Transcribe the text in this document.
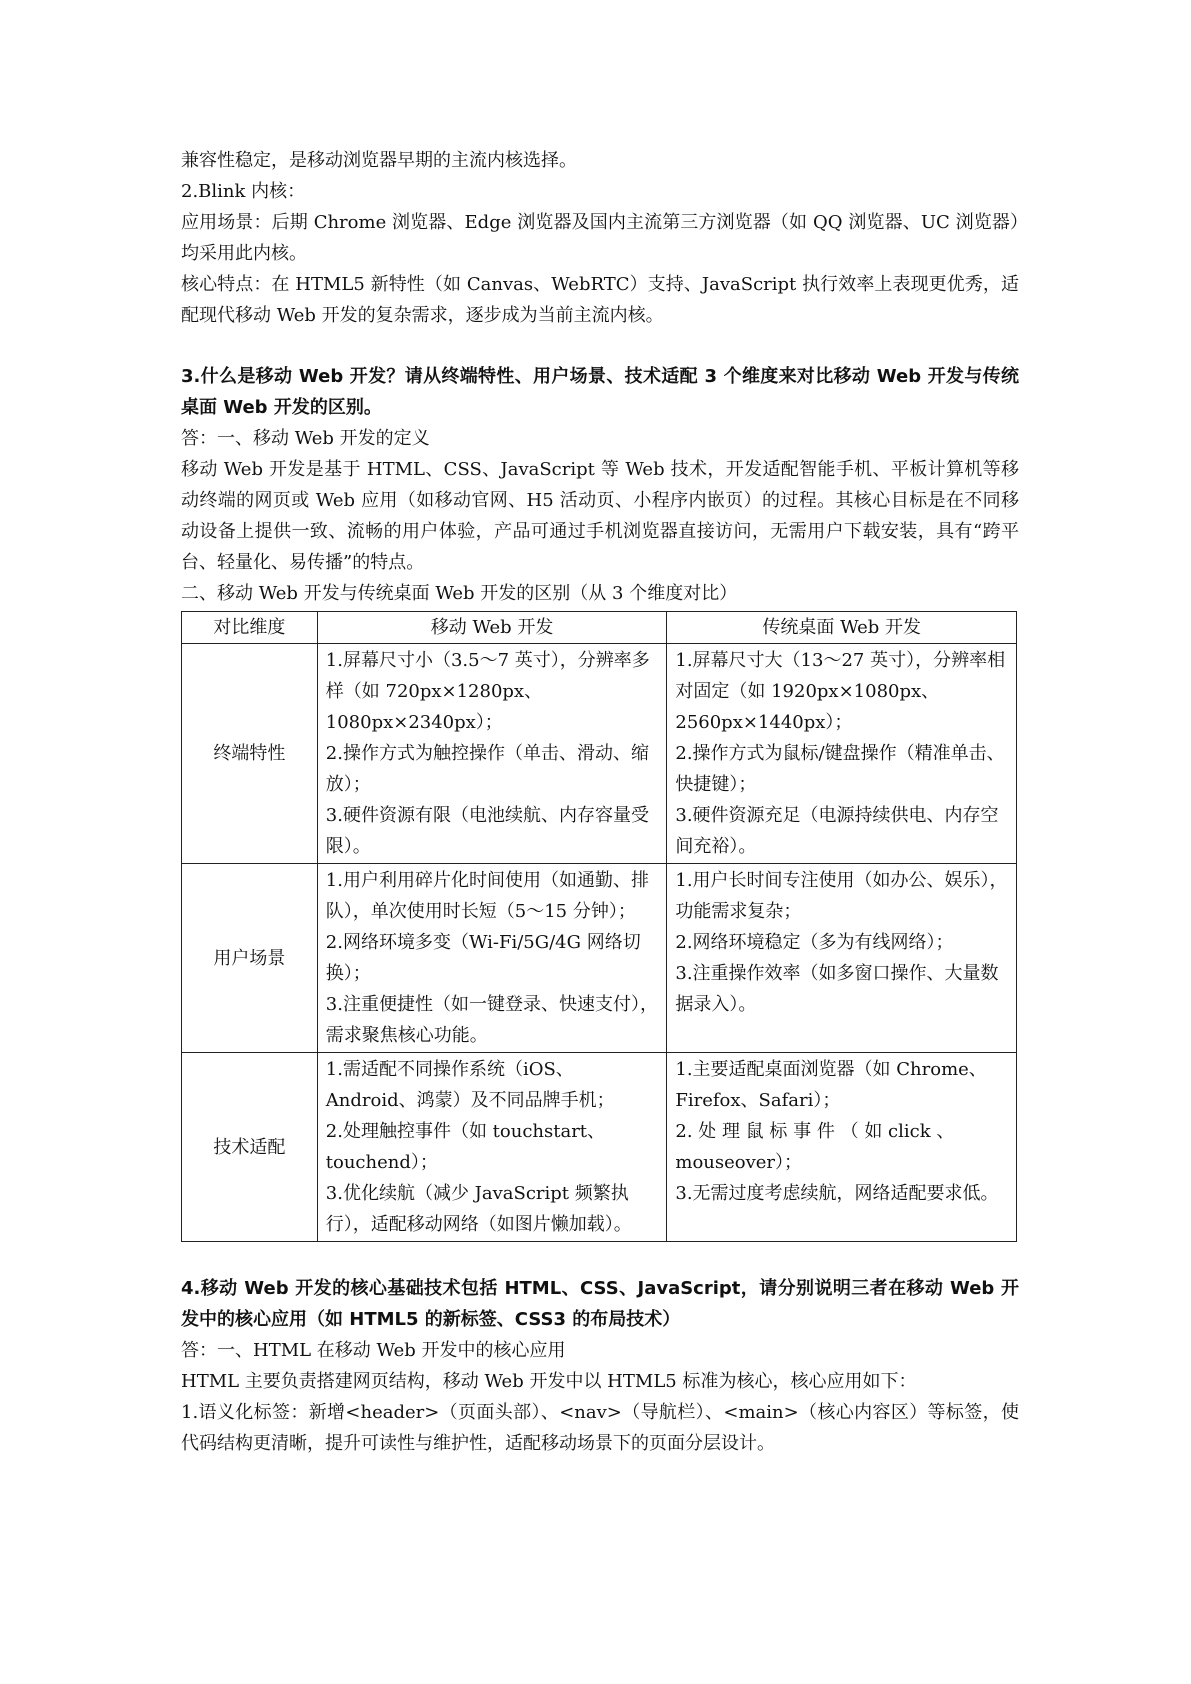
兼容性稳定，是移动浏览器早期的主流内核选择。

2.Blink 内核：

应用场景：后期 Chrome 浏览器、Edge 浏览器及国内主流第三方浏览器（如 QQ 浏览器、UC 浏览器）均采用此内核。

核心特点：在 HTML5 新特性（如 Canvas、WebRTC）支持、JavaScript 执行效率上表现更优秀，适配现代移动 Web 开发的复杂需求，逐步成为当前主流内核。

3.什么是移动 Web 开发？请从终端特性、用户场景、技术适配 3 个维度来对比移动 Web 开发与传统桌面 Web 开发的区别。

答：一、移动 Web 开发的定义

移动 Web 开发是基于 HTML、CSS、JavaScript 等 Web 技术，开发适配智能手机、平板计算机等移动终端的网页或 Web 应用（如移动官网、H5 活动页、小程序内嵌页）的过程。其核心目标是在不同移动设备上提供一致、流畅的用户体验，产品可通过手机浏览器直接访问，无需用户下载安装，具有“跨平台、轻量化、易传播”的特点。

二、移动 Web 开发与传统桌面 Web 开发的区别（从 3 个维度对比）

对比维度	移动 Web 开发	传统桌面 Web 开发
终端特性	1.屏幕尺寸小（3.5～7 英寸），分辨率多样（如 720px×1280px、1080px×2340px）；
2.操作方式为触控操作（单击、滑动、缩放）；
3.硬件资源有限（电池续航、内存容量受限）。	1.屏幕尺寸大（13～27 英寸），分辨率相对固定（如 1920px×1080px、2560px×1440px）；
2.操作方式为鼠标/键盘操作（精准单击、快捷键）；
3.硬件资源充足（电源持续供电、内存空间充裕）。

用户场景	1.用户利用碎片化时间使用（如通勤、排队），单次使用时长短（5～15 分钟）；
2.网络环境多变（Wi-Fi/5G/4G 网络切换）；
3.注重便捷性（如一键登录、快速支付），需求聚焦核心功能。	1.用户长时间专注使用（如办公、娱乐），功能需求复杂；
2.网络环境稳定（多为有线网络）；
3.注重操作效率（如多窗口操作、大量数据录入）。

技术适配	1.需适配不同操作系统（iOS、Android、鸿蒙）及不同品牌手机；
2.处理触控事件（如 touchstart、touchend）；
3.优化续航（减少 JavaScript 频繁执行），适配移动网络（如图片懒加载）。	1.主要适配桌面浏览器（如 Chrome、Firefox、Safari）；
2. 处 理 鼠 标 事 件 （ 如 click 、mouseover）；
3.无需过度考虑续航，网络适配要求低。

4.移动 Web 开发的核心基础技术包括 HTML、CSS、JavaScript，请分别说明三者在移动 Web 开发中的核心应用（如 HTML5 的新标签、CSS3 的布局技术）

答：一、HTML 在移动 Web 开发中的核心应用

HTML 主要负责搭建网页结构，移动 Web 开发中以 HTML5 标准为核心，核心应用如下：

1.语义化标签：新增<header>（页面头部）、<nav>（导航栏）、<main>（核心内容区）等标签，使代码结构更清晰，提升可读性与维护性，适配移动场景下的页面分层设计。
